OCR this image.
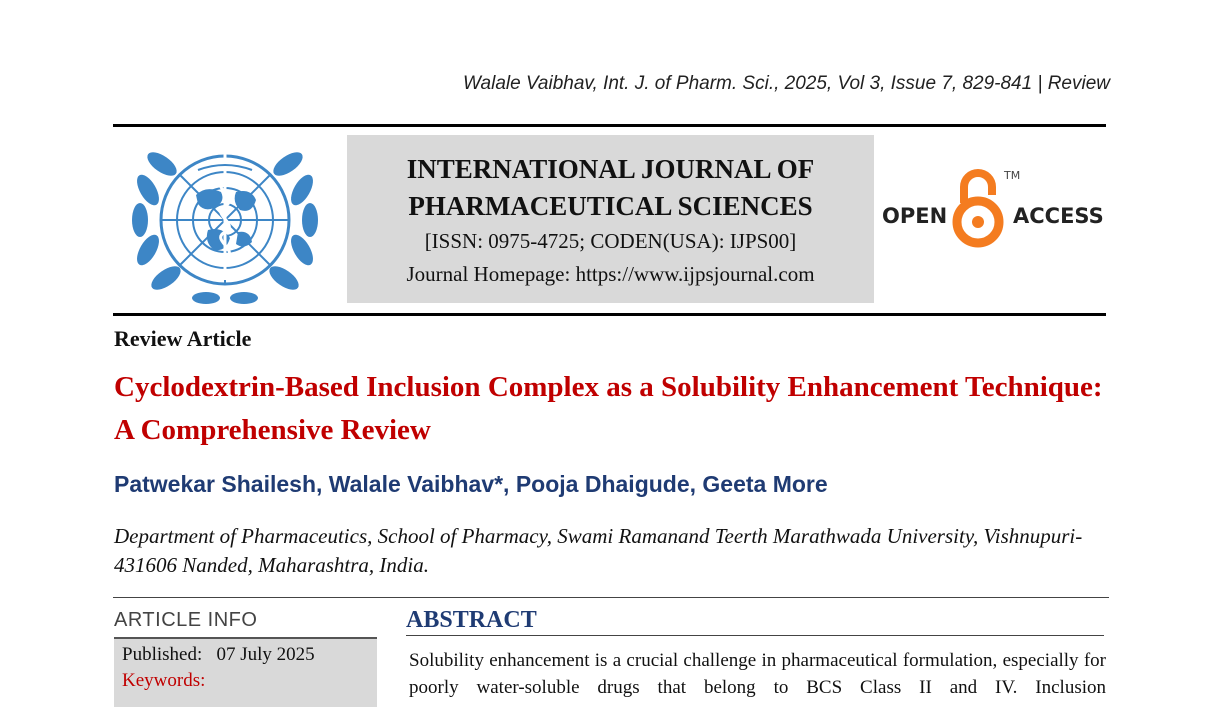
Walale Vaibhav, Int. J. of Pharm. Sci., 2025, Vol 3, Issue 7, 829-841 | Review
INTERNATIONAL JOURNAL OF
PHARMACEUTICAL SCIENCES
[ISSN: 0975-4725; CODEN(USA): IJPS00]
Journal Homepage: https://www.ijpsjournal.com
OPEN
TM
ACCESS
Review Article
Cyclodextrin-Based Inclusion Complex as a Solubility Enhancement Technique: A Comprehensive Review
Patwekar Shailesh, Walale Vaibhav*, Pooja Dhaigude, Geeta More
Department of Pharmaceutics, School of Pharmacy, Swami Ramanand Teerth Marathwada University, Vishnupuri-431606 Nanded, Maharashtra, India.
ARTICLE INFO
Published: 07 July 2025
Keywords:
ABSTRACT
Solubility enhancement is a crucial challenge in pharmaceutical formulation, especially for poorly water-soluble drugs that belong to BCS Class II and IV. Inclusion
